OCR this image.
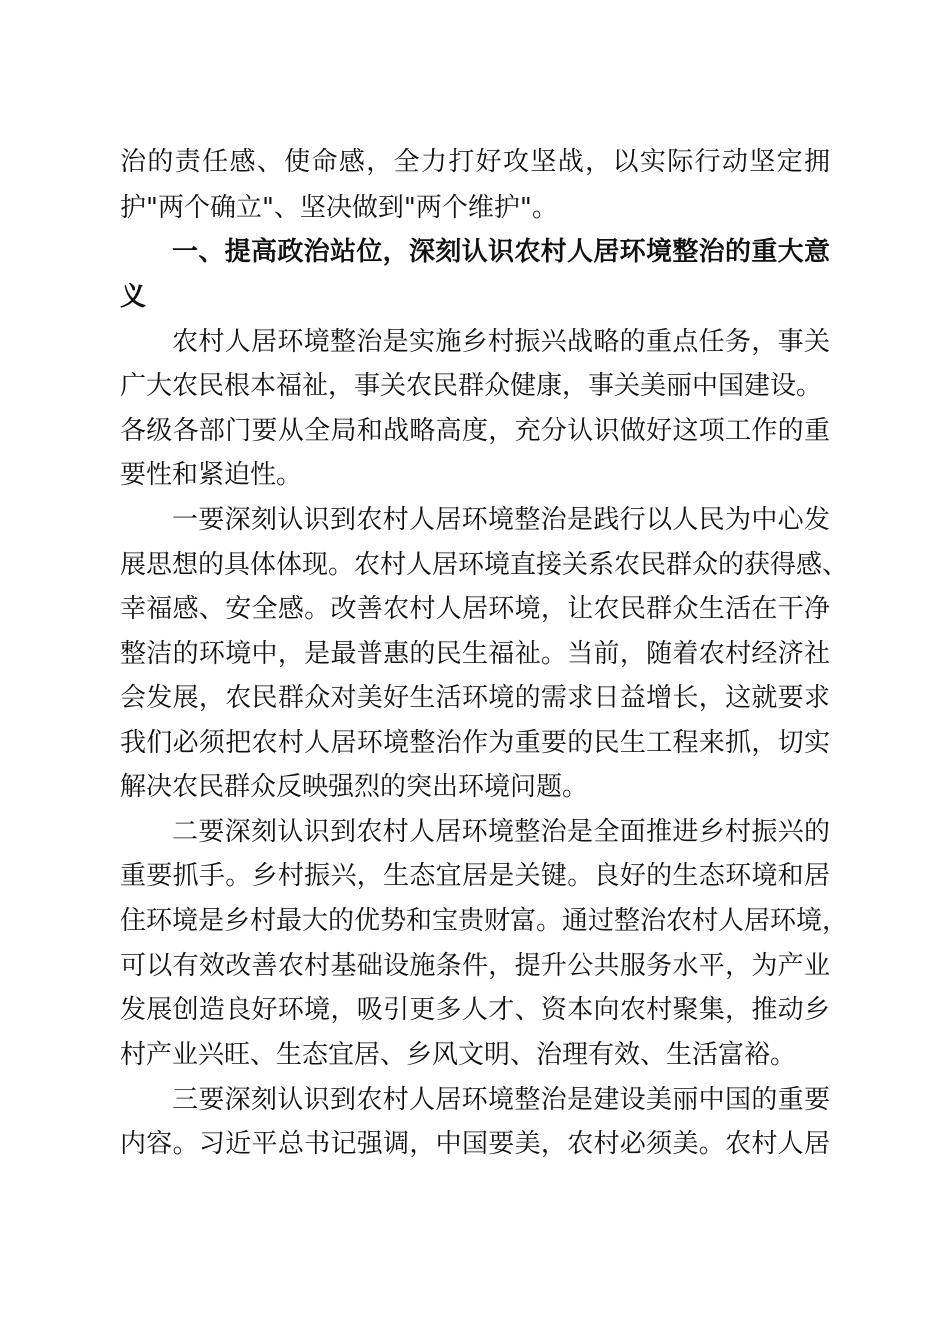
治的责任感、使命感，全力打好攻坚战，以实际行动坚定拥
护"两个确立"、坚决做到"两个维护"。
一、提高政治站位，深刻认识农村人居环境整治的重大意
义
农村人居环境整治是实施乡村振兴战略的重点任务，事关
广大农民根本福祉，事关农民群众健康，事关美丽中国建设。
各级各部门要从全局和战略高度，充分认识做好这项工作的重
要性和紧迫性。
一要深刻认识到农村人居环境整治是践行以人民为中心发
展思想的具体体现。农村人居环境直接关系农民群众的获得感、
幸福感、安全感。改善农村人居环境，让农民群众生活在干净
整洁的环境中，是最普惠的民生福祉。当前，随着农村经济社
会发展，农民群众对美好生活环境的需求日益增长，这就要求
我们必须把农村人居环境整治作为重要的民生工程来抓，切实
解决农民群众反映强烈的突出环境问题。
二要深刻认识到农村人居环境整治是全面推进乡村振兴的
重要抓手。乡村振兴，生态宜居是关键。良好的生态环境和居
住环境是乡村最大的优势和宝贵财富。通过整治农村人居环境，
可以有效改善农村基础设施条件，提升公共服务水平，为产业
发展创造良好环境，吸引更多人才、资本向农村聚集，推动乡
村产业兴旺、生态宜居、乡风文明、治理有效、生活富裕。
三要深刻认识到农村人居环境整治是建设美丽中国的重要
内容。习近平总书记强调，中国要美，农村必须美。农村人居
